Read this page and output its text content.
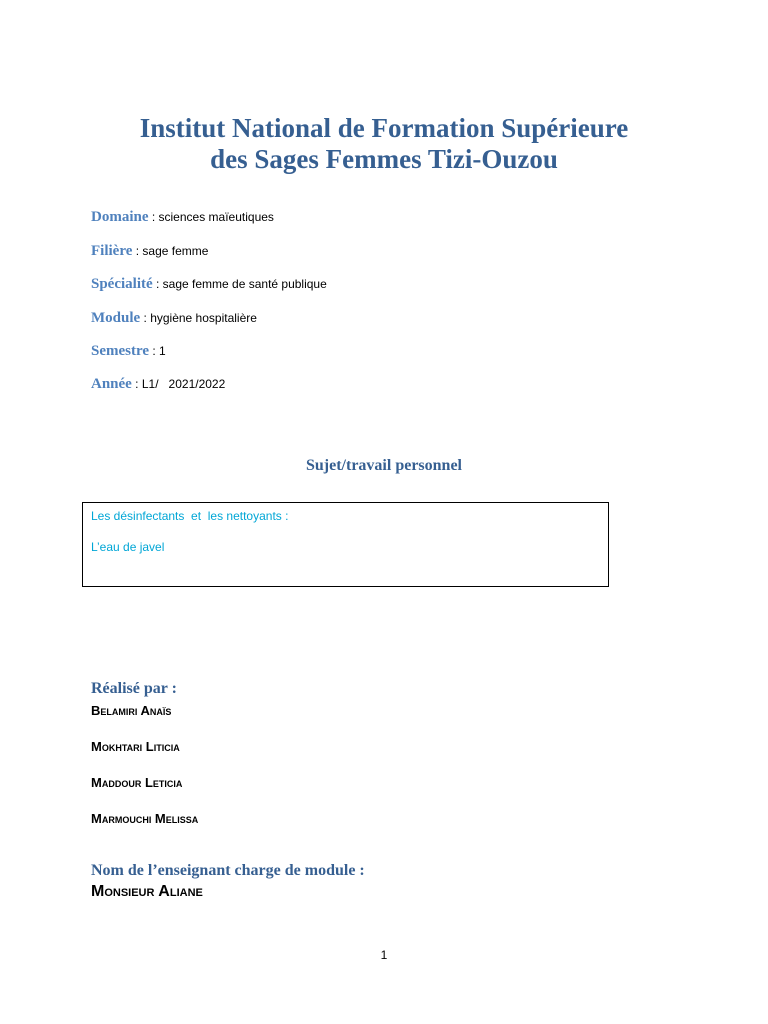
Institut National de Formation Supérieure
des Sages Femmes Tizi-Ouzou
Domaine : sciences maïeutiques
Filière : sage femme
Spécialité : sage femme de santé publique
Module : hygiène hospitalière
Semestre : 1
Année : L1/   2021/2022
Sujet/travail personnel
Les désinfectants  et  les nettoyants :
L’eau de javel
Réalisé par :
Belamiri Anaïs
Mokhtari Liticia
Maddour Leticia
Marmouchi Melissa
Nom de l’enseignant charge de module :
Monsieur Aliane
1
